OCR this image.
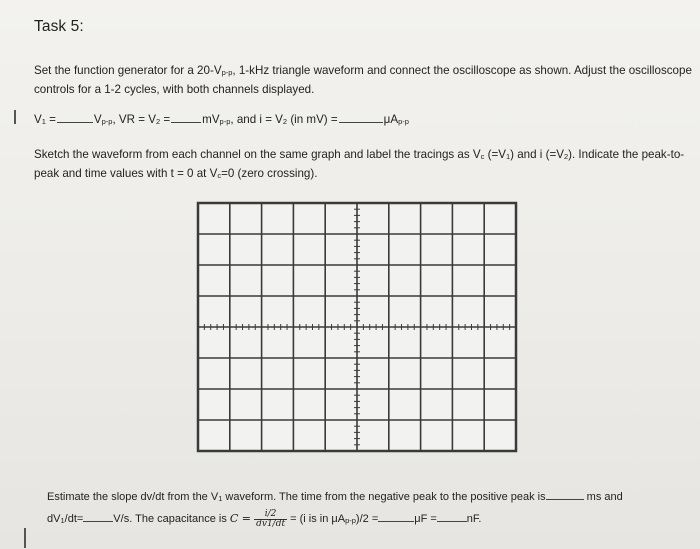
Task 5:
Set the function generator for a 20-Vp-p, 1-kHz triangle waveform and connect the oscilloscope as shown. Adjust the oscilloscope controls for a 1-2 cycles, with both channels displayed.
V1 =	Vp-p, VR = V2 =	mVp-p, and i = V2 (in mV) =	μAp-p
Sketch the waveform from each channel on the same graph and label the tracings as Vc (=V1) and i (=V2). Indicate the peak-to-peak and time values with t = 0 at Vc=0 (zero crossing).
Estimate the slope dv/dt from the V1 waveform. The time from the negative peak to the positive peak is	ms and
dV1/dt=	V/s. The capacitance is $C = \frac{i/2}{dv1/dt} = (i$ is in μAp-p)/2 =	μF =	nF.
